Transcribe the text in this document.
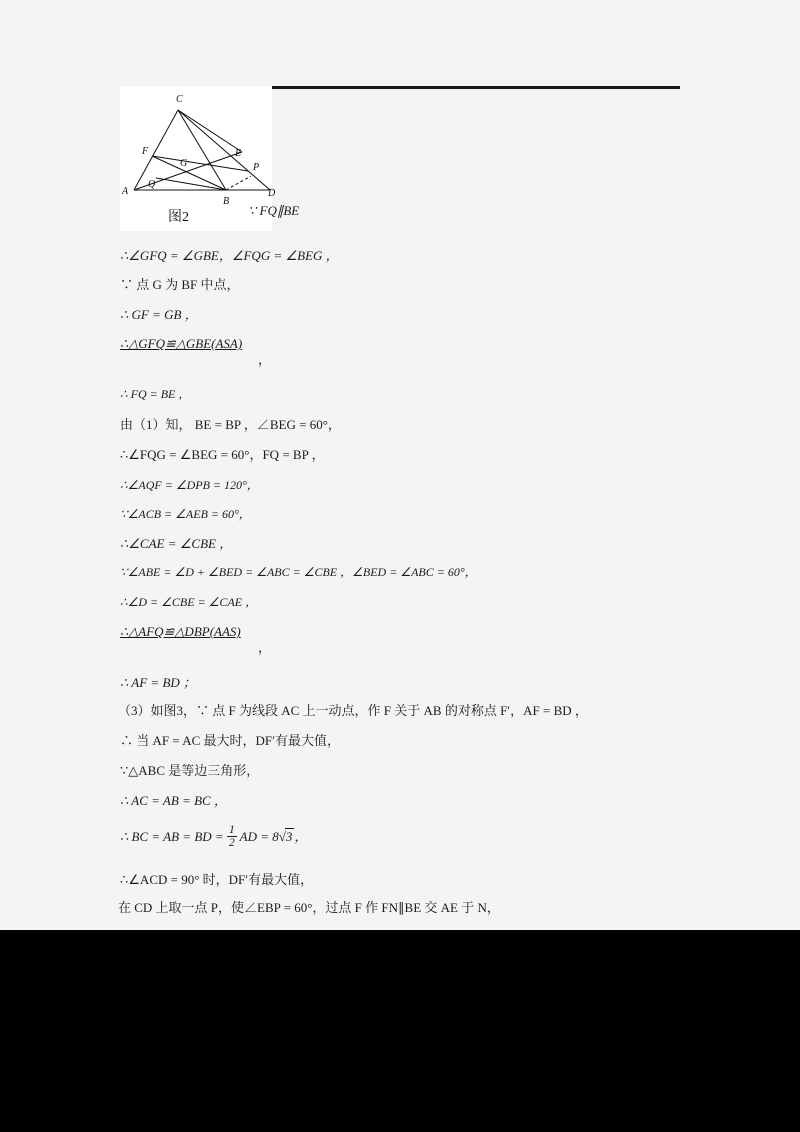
C
F
G
E
P
A
Q
B
D
图2	∵ FQ∥BE
∴∠GFQ = ∠GBE，∠FQG = ∠BEG ，
∵ 点 G 为 BF 中点，
∴ GF = GB ，
∴△GFQ≌△GBE(ASA)
，
∴ FQ = BE ，
由（1）知， BE = BP ，∠BEG = 60°，
∴∠FQG = ∠BEG = 60°，FQ = BP ，
∴∠AQF = ∠DPB = 120°，
∵∠ACB = ∠AEB = 60°，
∴∠CAE = ∠CBE ，
∵∠ABE = ∠D + ∠BED = ∠ABC = ∠CBE ，∠BED = ∠ABC = 60°，
∴∠D = ∠CBE = ∠CAE ，
∴△AFQ≌△DBP(AAS)
，
∴ AF = BD ；
（3）如图3，∵ 点 F 为线段 AC 上一动点，作 F 关于 AB 的对称点 F′，AF = BD ，
∴ 当 AF = AC 最大时，DF′有最大值，
∵△ABC 是等边三角形，
∴ AC = AB = BC ，
∴ BC = AB = BD = $\frac{1}{2}$ AD = 8√3 ，
∴∠ACD = 90° 时，DF′有最大值，
在 CD 上取一点 P，使∠EBP = 60°，过点 F 作 FN∥BE 交 AE 于 N，
